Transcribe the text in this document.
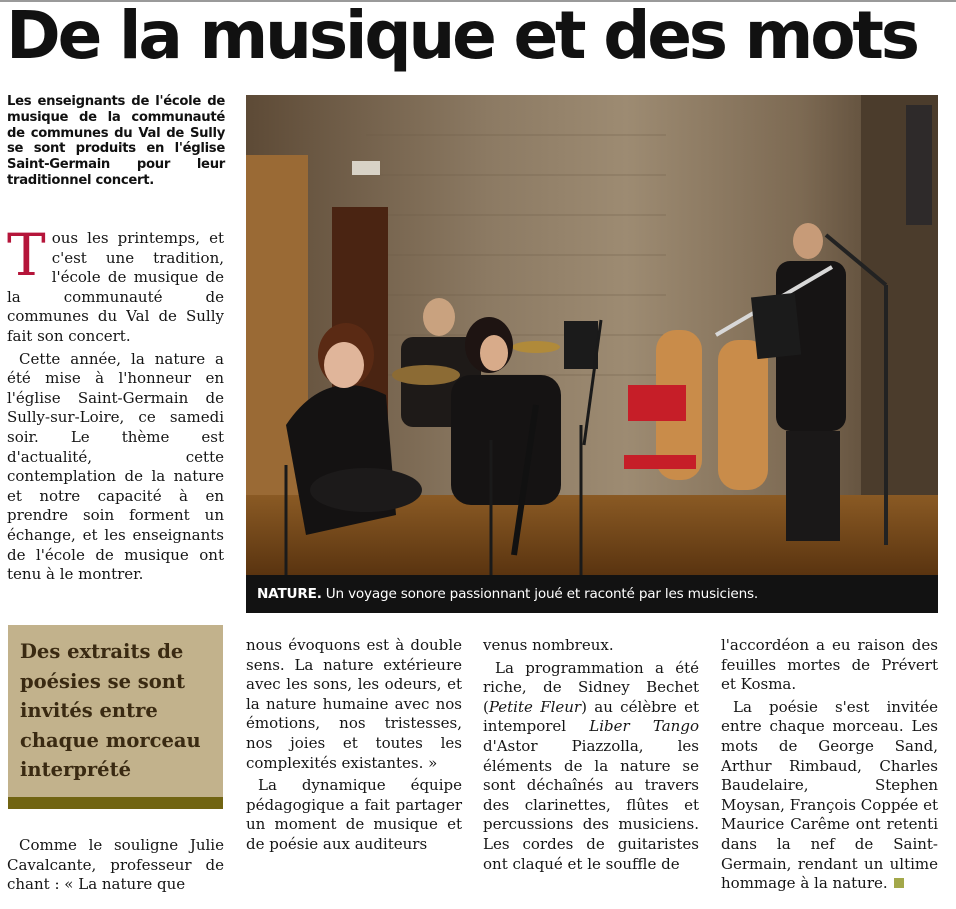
De la musique et des mots

Les enseignants de l'école de musique de la communauté de communes du Val de Sully se sont produits en l'église Saint-Germain pour leur traditionnel concert.

Tous les printemps, et c'est une tradition, l'école de musique de la communauté de communes du Val de Sully fait son concert.

Cette année, la nature a été mise à l'honneur en l'église Saint-Germain de Sully-sur-Loire, ce samedi soir. Le thème est d'actualité, cette contemplation de la nature et notre capacité à en prendre soin forment un échange, et les enseignants de l'école de musique ont tenu à le montrer.

Comme le souligne Julie Cavalcante, professeur de chant : « La nature que

Des extraits de poésies se sont invités entre chaque morceau interprété
NATURE. Un voyage sonore passionnant joué et raconté par les musiciens.

nous évoquons est à double sens. La nature extérieure avec les sons, les odeurs, et la nature humaine avec nos émotions, nos tristesses, nos joies et toutes les complexités existantes. »

La dynamique équipe pédagogique a fait partager un moment de musique et de poésie aux auditeurs

venus nombreux.

La programmation a été riche, de Sidney Bechet (Petite Fleur) au célèbre et intemporel Liber Tango d'Astor Piazzolla, les éléments de la nature se sont déchaînés au travers des clarinettes, flûtes et percussions des musiciens. Les cordes de guitaristes ont claqué et le souffle de

l'accordéon a eu raison des feuilles mortes de Prévert et Kosma.

La poésie s'est invitée entre chaque morceau. Les mots de George Sand, Arthur Rimbaud, Charles Baudelaire, Stephen Moysan, François Coppée et Maurice Carême ont retenti dans la nef de Saint-Germain, rendant un ultime hommage à la nature.
